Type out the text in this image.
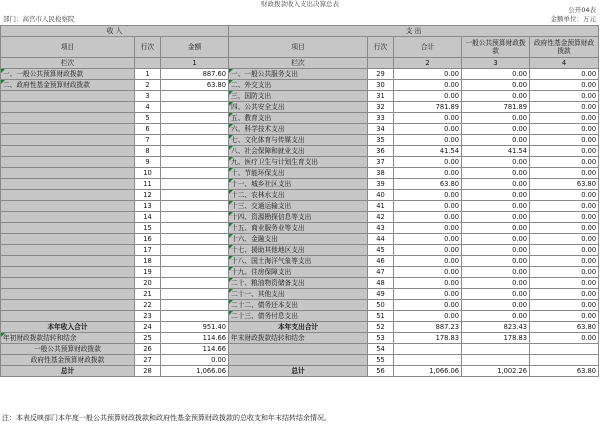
财政拨款收入支出决算总表
公开04表
部门：高宫市人民检察院	金额单位：万元
收 入			支 出				
项目	行次	金额	项目	行次	合计	一般公共预算财政拨款	政府性基金预算财政拨款

栏次		1	栏次		2	3	4
一、一般公共预算财政拨款	1	887.60	一、一般公共服务支出	29	0.00	0.00	0.00
二、政府性基金预算财政拨款	2	63.80	二、外交支出	30	0.00	0.00	0.00
	3		三、国防支出	31	0.00	0.00	0.00
	4		四、公共安全支出	32	781.89	781.89	0.00
	5		五、教育支出	33	0.00	0.00	0.00
	6		六、科学技术支出	34	0.00	0.00	0.00
	7		七、文化体育与传媒支出	35	0.00	0.00	0.00
	8		八、社会保障和就业支出	36	41.54	41.54	0.00
	9		九、医疗卫生与计划生育支出	37	0.00	0.00	0.00
	10		十、节能环保支出	38	0.00	0.00	0.00
	11		十一、城乡社区支出	39	63.80	0.00	63.80
	12		十二、农林水支出	40	0.00	0.00	0.00
	13		十三、交通运输支出	41	0.00	0.00	0.00
	14		十四、资源勘探信息等支出	42	0.00	0.00	0.00
	15		十五、商业服务业等支出	43	0.00	0.00	0.00
	16		十六、金融支出	44	0.00	0.00	0.00
	17		十七、援助其他地区支出	45	0.00	0.00	0.00
	18		十八、国土海洋气象等支出	46	0.00	0.00	0.00
	19		十九、住房保障支出	47	0.00	0.00	0.00
	20		二十、粮油物资储备支出	48	0.00	0.00	0.00
	21		二十一、其他支出	49	0.00	0.00	0.00
	22		二十二、债务还本支出	50	0.00	0.00	0.00
	23		二十三、债务付息支出	51	0.00	0.00	0.00
本年收入合计	24	951.40	本年支出合计	52	887.23	823.43	63.80
年初财政拨款结转和结余	25	114.66	年末财政拨款结转和结余	53	178.83	178.83	0.00
一般公共预算财政拨款	26	114.66		54			
政府性基金预算财政拨款	27	0.00		55			
总计	28	1,066.06	总计	56	1,066.06	1,002.26	63.80
注：本表反映部门本年度一般公共预算财政拨款和政府性基金预算财政拨款的总收支和年末结转结余情况。
